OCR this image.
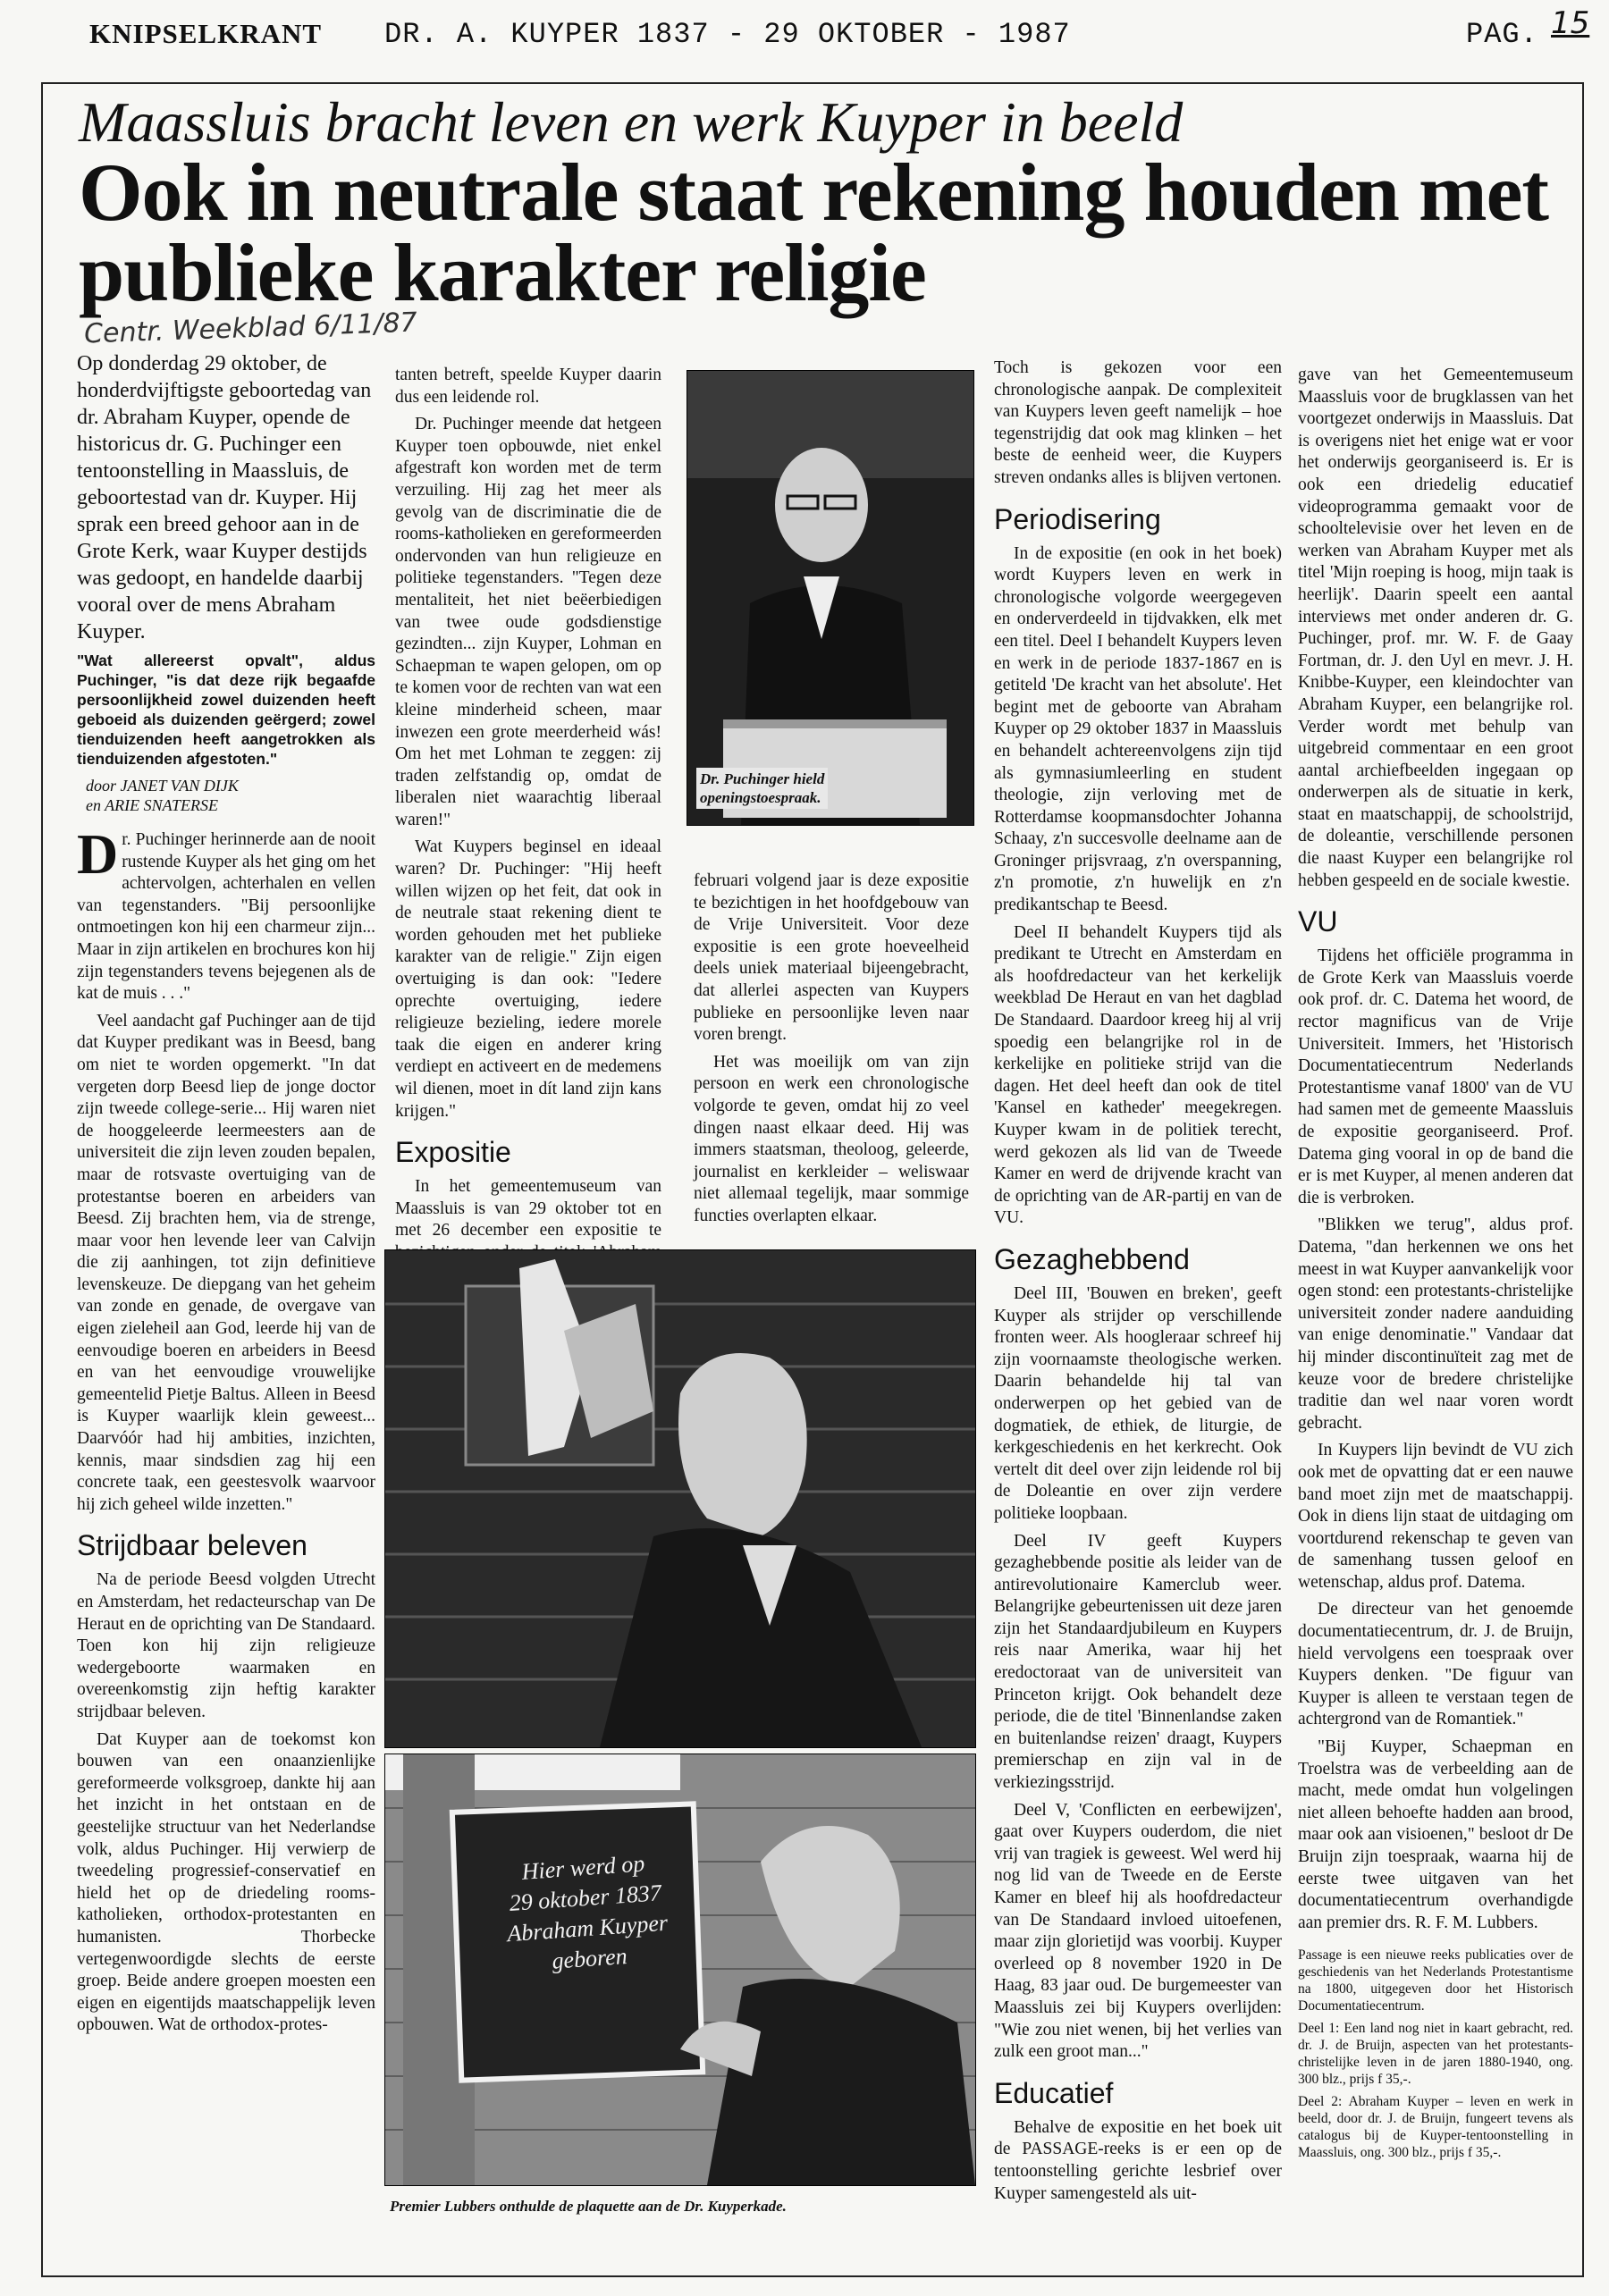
KNIPSELKRANT DR. A. KUYPER 1837 - 29 OKTOBER - 1987	PAG. 15
Maassluis bracht leven en werk Kuyper in beeld
Ook in neutrale staat rekening houden met publieke karakter religie
Centr. Weekblad 6/11/87

Op donderdag 29 oktober, de honderdvijftigste geboortedag van dr. Abraham Kuyper, opende de historicus dr. G. Puchinger een tentoonstelling in Maassluis, de geboortestad van dr. Kuyper. Hij sprak een breed gehoor aan in de Grote Kerk, waar Kuyper destijds was gedoopt, en handelde daarbij vooral over de mens Abraham Kuyper.

"Wat allereerst opvalt", aldus Puchinger, "is dat deze rijk begaafde persoonlijkheid zowel duizenden heeft geboeid als duizenden geërgerd; zowel tienduizenden heeft aangetrokken als tienduizenden afgestoten."

door JANET VAN DIJK
en ARIE SNATERSE

Dr. Puchinger herinnerde aan de nooit rustende Kuyper als het ging om het achtervolgen, achterhalen en vellen van tegenstanders. "Bij persoonlijke ontmoetingen kon hij een charmeur zijn... Maar in zijn artikelen en brochures kon hij zijn tegenstanders tevens bejegenen als de kat de muis . . ."

Veel aandacht gaf Puchinger aan de tijd dat Kuyper predikant was in Beesd, bang om niet te worden opgemerkt. "In dat vergeten dorp Beesd liep de jonge doctor zijn tweede college-serie... Hij waren niet de hooggeleerde leermeesters aan de universiteit die zijn leven zouden bepalen, maar de rotsvaste overtuiging van de protestantse boeren en arbeiders van Beesd. Zij brachten hem, via de strenge, maar voor hen levende leer van Calvijn die zij aanhingen, tot zijn definitieve levenskeuze. De diepgang van het geheim van zonde en genade, de overgave van eigen zieleheil aan God, leerde hij van de eenvoudige boeren en arbeiders in Beesd en van het eenvoudige vrouwelijke gemeentelid Pietje Baltus. Alleen in Beesd is Kuyper waarlijk klein geweest... Daarvóór had hij ambities, inzichten, kennis, maar sindsdien zag hij een concrete taak, een geestesvolk waarvoor hij zich geheel wilde inzetten."

Strijdbaar beleven

Na de periode Beesd volgden Utrecht en Amsterdam, het redacteurschap van De Heraut en de oprichting van De Standaard. Toen kon hij zijn religieuze wedergeboorte waarmaken en overeenkomstig zijn heftig karakter strijdbaar beleven.

Dat Kuyper aan de toekomst kon bouwen van een onaanzienlijke gereformeerde volksgroep, dankte hij aan het inzicht in het ontstaan en de geestelijke structuur van het Nederlandse volk, aldus Puchinger. Hij verwierp de tweedeling progressief-conservatief en hield het op de driedeling rooms-katholieken, orthodox-protestanten en humanisten. Thorbecke vertegenwoordigde slechts de eerste groep. Beide andere groepen moesten een eigen en eigentijds maatschappelijk leven opbouwen. Wat de orthodox-protes-

tanten betreft, speelde Kuyper daarin dus een leidende rol.

Dr. Puchinger meende dat hetgeen Kuyper toen opbouwde, niet enkel afgestraft kon worden met de term verzuiling. Hij zag het meer als gevolg van de discriminatie die de rooms-katholieken en gereformeerden ondervonden van hun religieuze en politieke tegenstanders. "Tegen deze mentaliteit, het niet beëerbiedigen van twee oude godsdienstige gezindten... zijn Kuyper, Lohman en Schaepman te wapen gelopen, om op te komen voor de rechten van wat een kleine minderheid scheen, maar inwezen een grote meerderheid wás! Om het met Lohman te zeggen: zij traden zelfstandig op, omdat de liberalen niet waarachtig liberaal waren!"

Wat Kuypers beginsel en ideaal waren? Dr. Puchinger: "Hij heeft willen wijzen op het feit, dat ook in de neutrale staat rekening dient te worden gehouden met het publieke karakter van de religie." Zijn eigen overtuiging is dan ook: "Iedere oprechte overtuiging, iedere religieuze bezieling, iedere morele taak die eigen en anderer kring verdiept en activeert en de medemens wil dienen, moet in dít land zijn kans krijgen."

Expositie

In het gemeentemuseum van Maassluis is van 29 oktober tot en met 26 december een expositie te

Dr. Puchinger hield
openingstoespraak.

februari volgend jaar is deze expositie te bezichtigen in het hoofdgebouw van de Vrije Universiteit. Voor deze expositie is een grote hoeveelheid deels uniek materiaal bijeengebracht, dat allerlei aspecten van Kuypers publieke en persoonlijke leven naar voren brengt.

Het was moeilijk om van zijn persoon en werk een chronologische volgorde te geven, omdat hij zo veel dingen naast elkaar deed. Hij was immers staatsman, theoloog, geleerde, journalist en kerkleider – weliswaar niet allemaal tegelijk, maar sommige functies overlapten elkaar.

Hier werd op
29 oktober 1837
Abraham Kuyper
geboren
Premier Lubbers onthulde de plaquette aan de Dr. Kuyperkade.

Toch is gekozen voor een chronologische aanpak. De complexiteit van Kuypers leven geeft namelijk – hoe tegenstrijdig dat ook mag klinken – het beste de eenheid weer, die Kuypers streven ondanks alles is blijven vertonen.

Periodisering

In de expositie (en ook in het boek) wordt Kuypers leven en werk in chronologische volgorde weergegeven en onderverdeeld in tijdvakken, elk met een titel. Deel I behandelt Kuypers leven en werk in de periode 1837-1867 en is getiteld 'De kracht van het absolute'. Het begint met de geboorte van Abraham Kuyper op 29 oktober 1837 in Maassluis en behandelt achtereenvolgens zijn tijd als gymnasiumleerling en student theologie, zijn verloving met de Rotterdamse koopmansdochter Johanna Schaay, z'n succesvolle deelname aan de Groninger prijsvraag, z'n overspanning, z'n promotie, z'n huwelijk en z'n predikantschap te Beesd.

Deel II behandelt Kuypers tijd als predikant te Utrecht en Amsterdam en als hoofdredacteur van het kerkelijk weekblad De Heraut en van het dagblad De Standaard. Daardoor kreeg hij al vrij spoedig een belangrijke rol in de kerkelijke en politieke strijd van die dagen. Het deel heeft dan ook de titel 'Kansel en katheder' meegekregen. Kuyper kwam in de politiek terecht, werd gekozen als lid van de Tweede Kamer en werd de drijvende kracht van de oprichting van de AR-partij en van de VU.

Gezaghebbend

Deel III, 'Bouwen en breken', geeft Kuyper als strijder op verschillende fronten weer. Als hoogleraar schreef hij zijn voornaamste theologische werken. Daarin behandelde hij tal van onderwerpen op het gebied van de dogmatiek, de ethiek, de liturgie, de kerkgeschiedenis en het kerkrecht. Ook vertelt dit deel over zijn leidende rol bij de Doleantie en over zijn verdere politieke loopbaan.

Deel IV geeft Kuypers gezaghebbende positie als leider van de antirevolutionaire Kamerclub weer. Belangrijke gebeurtenissen uit deze jaren zijn het Standaardjubileum en Kuypers reis naar Amerika, waar hij het eredoctoraat van de universiteit van Princeton krijgt. Ook behandelt deze periode, die de titel 'Binnenlandse zaken en buitenlandse reizen' draagt, Kuypers premierschap en zijn val in de verkiezingsstrijd.

Deel V, 'Conflicten en eerbewijzen', gaat over Kuypers ouderdom, die niet vrij van tragiek is geweest. Wel werd hij nog lid van de Tweede en de Eerste Kamer en bleef hij als hoofdredacteur van De Standaard invloed uitoefenen, maar zijn glorietijd was voorbij. Kuyper overleed op 8 november 1920 in De Haag, 83 jaar oud. De burgemeester van Maassluis zei bij Kuypers overlijden: "Wie zou niet wenen, bij het verlies van zulk een groot man..."

Educatief

Behalve de expositie en het boek uit de PASSAGE-reeks is er een op de tentoonstelling gerichte lesbrief over Kuyper samengesteld als uit-

gave van het Gemeentemuseum Maassluis voor de brugklassen van het voortgezet onderwijs in Maassluis. Dat is overigens niet het enige wat er voor het onderwijs georganiseerd is. Er is ook een driedelig educatief videoprogramma gemaakt voor de schooltelevisie over het leven en de werken van Abraham Kuyper met als titel 'Mijn roeping is hoog, mijn taak is heerlijk'. Daarin speelt een aantal interviews met onder anderen dr. G. Puchinger, prof. mr. W. F. de Gaay Fortman, dr. J. den Uyl en mevr. J. H. Knibbe-Kuyper, een kleindochter van Abraham Kuyper, een belangrijke rol. Verder wordt met behulp van uitgebreid commentaar en een groot aantal archiefbeelden ingegaan op onderwerpen als de situatie in kerk, staat en maatschappij, de schoolstrijd, de doleantie, verschillende personen die naast Kuyper een belangrijke rol hebben gespeeld en de sociale kwestie.

VU

Tijdens het officiële programma in de Grote Kerk van Maassluis voerde ook prof. dr. C. Datema het woord, de rector magnificus van de Vrije Universiteit. Immers, het 'Historisch Documentatiecentrum Nederlands Protestantisme vanaf 1800' van de VU had samen met de gemeente Maassluis de expositie georganiseerd. Prof. Datema ging vooral in op de band die er is met Kuyper, al menen anderen dat die is verbroken.

"Blikken we terug", aldus prof. Datema, "dan herkennen we ons het meest in wat Kuyper aanvankelijk voor ogen stond: een protestants-christelijke universiteit zonder nadere aanduiding van enige denominatie." Vandaar dat hij minder discontinuïteit zag met de keuze voor de bredere christelijke traditie dan wel naar voren wordt gebracht.

In Kuypers lijn bevindt de VU zich ook met de opvatting dat er een nauwe band moet zijn met de maatschappij. Ook in diens lijn staat de uitdaging om voortdurend rekenschap te geven van de samenhang tussen geloof en wetenschap, aldus prof. Datema.

De directeur van het genoemde documentatiecentrum, dr. J. de Bruijn, hield vervolgens een toespraak over Kuypers denken. "De figuur van Kuyper is alleen te verstaan tegen de achtergrond van de Romantiek."

"Bij Kuyper, Schaepman en Troelstra was de verbeelding aan de macht, mede omdat hun volgelingen niet alleen behoefte hadden aan brood, maar ook aan visioenen," besloot dr De Bruijn zijn toespraak, waarna hij de eerste twee uitgaven van het documentatiecentrum overhandigde aan premier drs. R. F. M. Lubbers.

Passage is een nieuwe reeks publicaties over de geschiedenis van het Nederlands Protestantisme na 1800, uitgegeven door het Historisch Documentatiecentrum.

Deel 1: Een land nog niet in kaart gebracht, red. dr. J. de Bruijn, aspecten van het protestants-christelijke leven in de jaren 1880-1940, ong. 300 blz., prijs f 35,-.

Deel 2: Abraham Kuyper – leven en werk in beeld, door dr. J. de Bruijn, fungeert tevens als catalogus bij de Kuyper-tentoonstelling in Maassluis, ong. 300 blz., prijs f 35,-.
